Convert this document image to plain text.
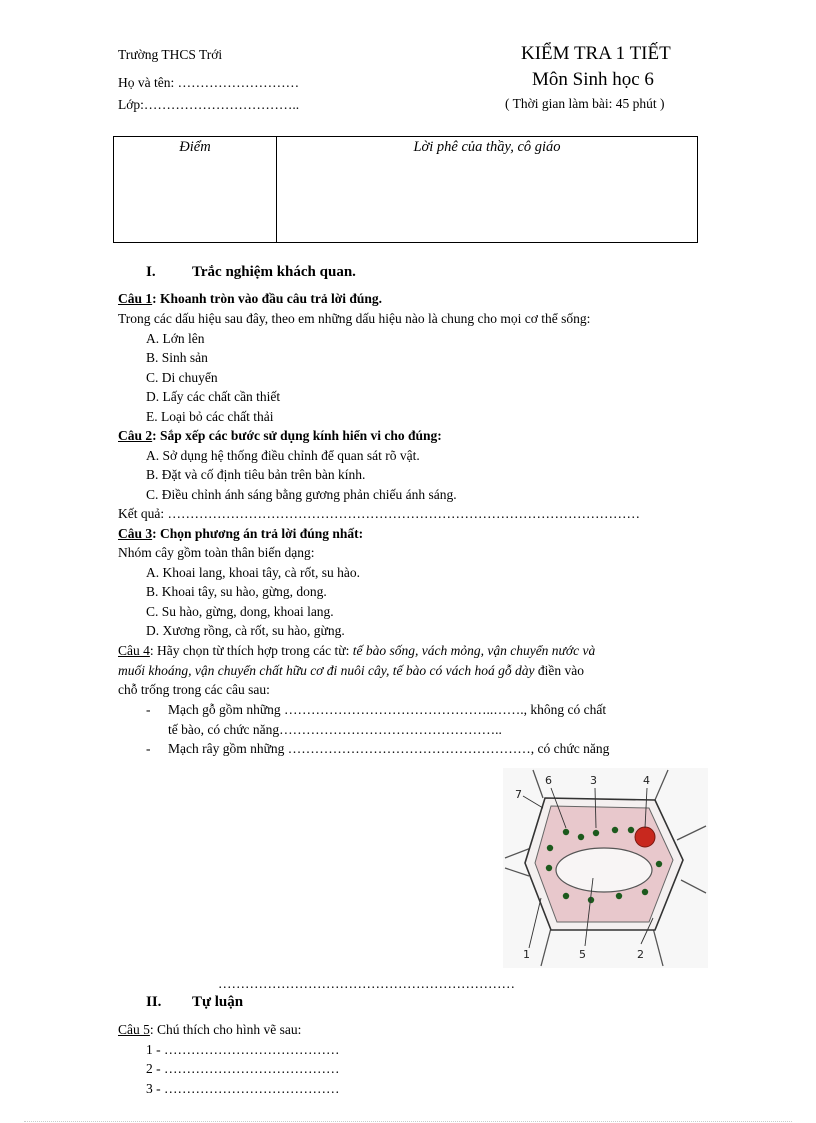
Trường THCS Trới
Họ và tên: ………………………
Lớp:……………………………..
KIỂM TRA 1 TIẾT
Môn Sinh học 6
( Thời gian làm bài: 45 phút )
Điểm	Lời phê của thầy, cô giáo
I. Trắc nghiệm khách quan.
Câu 1: Khoanh tròn vào đầu câu trả lời đúng.
Trong các dấu hiệu sau đây, theo em những dấu hiệu nào là chung cho mọi cơ thể sống:
A. Lớn lên
B. Sinh sản
C. Di chuyển
D. Lấy các chất cần thiết
E. Loại bỏ các chất thải
Câu 2: Sắp xếp các bước sử dụng kính hiển vi cho đúng:
A. Sở dụng hệ thống điều chỉnh để quan sát rõ vật.
B. Đặt và cố định tiêu bản trên bàn kính.
C. Điều chỉnh ánh sáng bằng gương phản chiếu ánh sáng.
Kết quả: ……………………………………………………………………………………………
Câu 3: Chọn phương án trả lời đúng nhất:
Nhóm cây gồm toàn thân biến dạng:
A. Khoai lang, khoai tây, cà rốt, su hào.
B. Khoai tây, su hào, gừng, dong.
C. Su hào, gừng, dong, khoai lang.
D. Xương rồng, cà rốt, su hào, gừng.
Câu 4: Hãy chọn từ thích hợp trong các từ: tế bào sống, vách mỏng, vận chuyển nước và
muối khoáng, vận chuyển chất hữu cơ đi nuôi cây, tế bào có vách hoá gỗ dày điền vào
chỗ trống trong các câu sau:
- Mạch gỗ gồm những ………………………………………..……., không có chất
tế bào, có chức năng…………………………………………..
- Mạch rây gồm những ………………………………………………, có chức năng
6	3	4
7
5	2
1
…………………………………………………………
II. Tự luận
Câu 5: Chú thích cho hình vẽ sau:
1 - …………………………………
2 - …………………………………
3 - …………………………………
